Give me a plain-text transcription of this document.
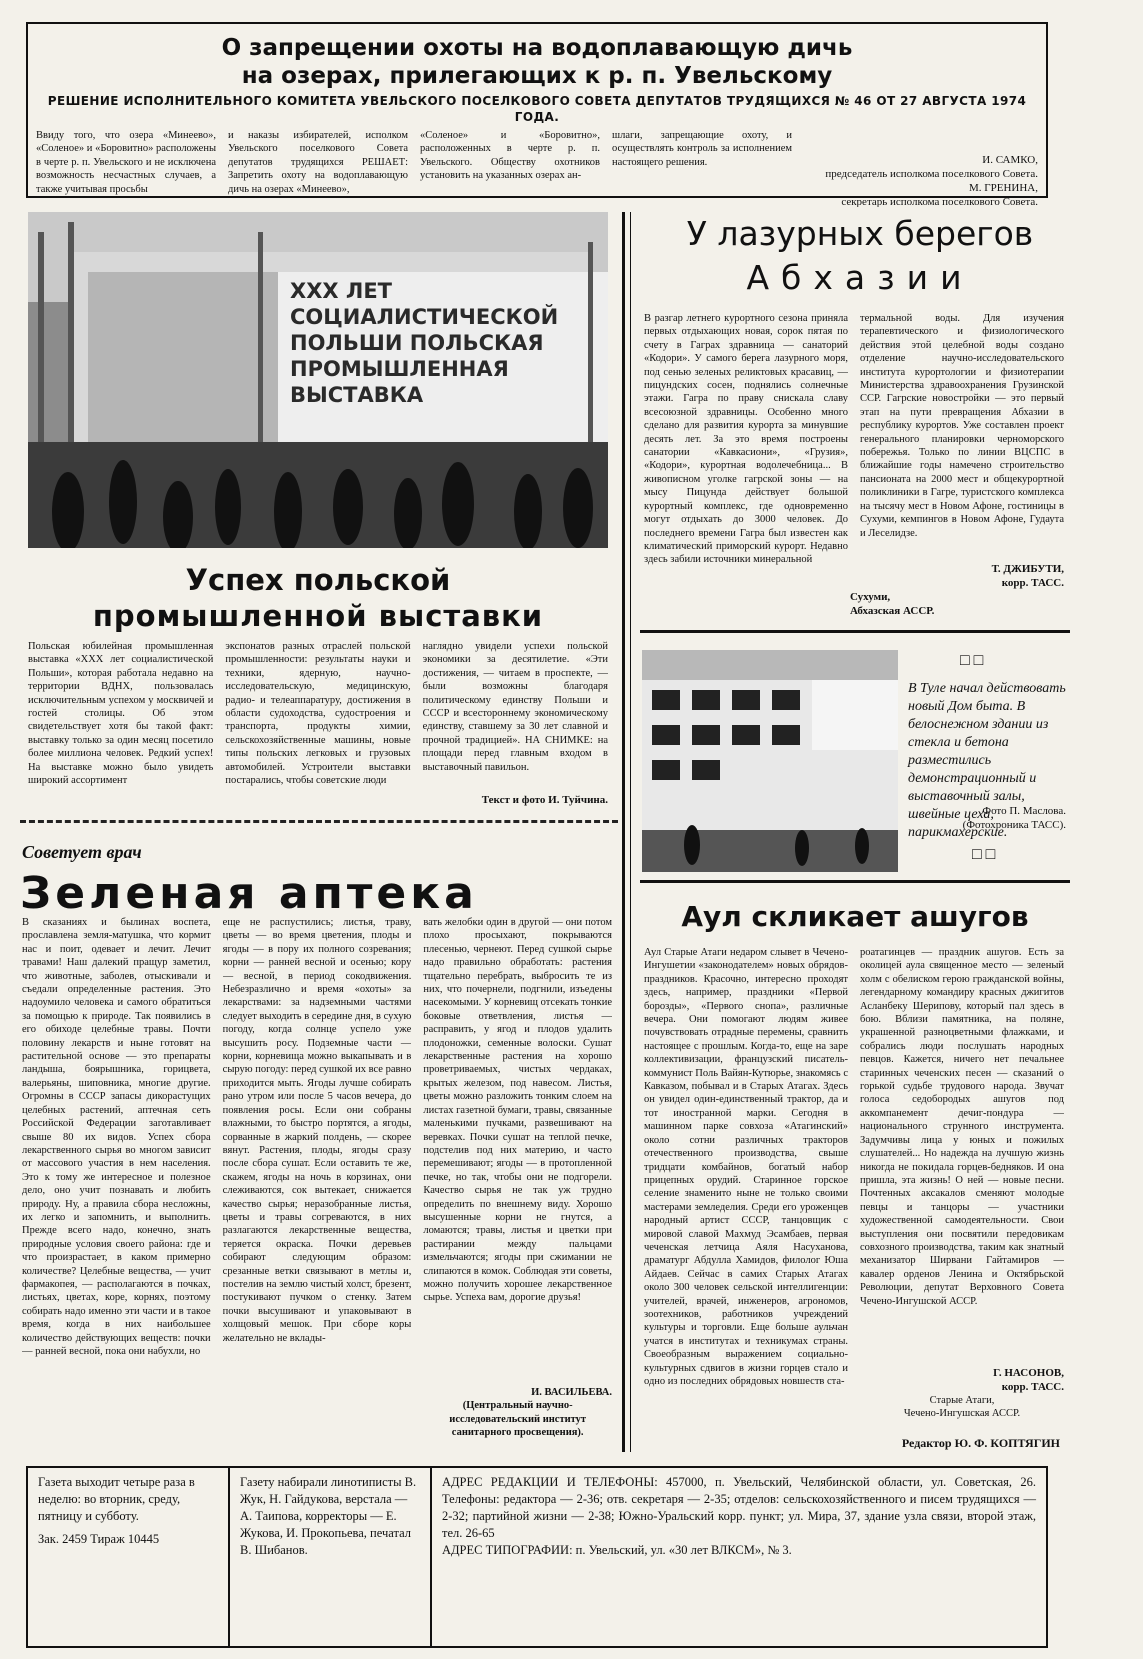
О запрещении охоты на водоплавающую дичь
на озерах, прилегающих к р. п. Увельскому
РЕШЕНИЕ ИСПОЛНИТЕЛЬНОГО КОМИТЕТА УВЕЛЬСКОГО ПОСЕЛКОВОГО СОВЕТА ДЕПУТАТОВ ТРУДЯЩИХСЯ № 46 ОТ 27 АВГУСТА 1974 ГОДА.
Ввиду того, что озера «Минеево», «Соленое» и «Боровитно» расположены в черте р. п. Увельского и не исключена возможность несчастных случаев, а также учитывая просьбы
и наказы избирателей, исполком Увельского поселкового Совета депутатов трудящихся РЕШАЕТ: Запретить охоту на водоплавающую дичь на озерах «Минеево»,
«Соленое» и «Боровитно», расположенных в черте р. п. Увельского. Обществу охотников установить на указанных озерах ан-
шлаги, запрещающие охоту, и осуществлять контроль за исполнением настоящего решения.	И. САМКО,
председатель исполкома поселкового Совета.
М. ГРЕНИНА,
секретарь исполкома поселкового Совета.
XXX ЛЕТ СОЦИАЛИСТИЧЕСКОЙ ПОЛЬШИ ПОЛЬСКАЯ ПРОМЫШЛЕННАЯ ВЫСТАВКА
Успех польской
промышленной выставки
Польская юбилейная промышленная выставка «XXX лет социалистической Польши», которая работала недавно на территории ВДНХ, пользовалась исключительным успехом у москвичей и гостей столицы. Об этом свидетельствует хотя бы такой факт: выставку только за один месяц посетило более миллиона человек. Редкий успех! На выставке можно было увидеть широкий ассортимент
экспонатов разных отраслей польской промышленности: результаты науки и техники, ядерную, научно-исследовательскую, медицинскую, радио- и телеаппаратуру, достижения в области судоходства, судостроения и транспорта, продукты химии, сельскохозяйственные машины, новые типы польских легковых и грузовых автомобилей. Устроители выставки постарались, чтобы советские люди
наглядно увидели успехи польской экономики за десятилетие. «Эти достижения, — читаем в проспекте, — были возможны благодаря политическому единству Польши и СССР и всестороннему экономическому единству, ставшему за 30 лет славной и прочной традицией». НА СНИМКЕ: на площади перед главным входом в выставочный павильон.
Текст и фото И. Туйчина.
Советует врач
Зеленая аптека
В сказаниях и былинах воспета, прославлена земля-матушка, что кормит нас и поит, одевает и лечит. Лечит травами! Наш далекий пращур заметил, что животные, заболев, отыскивали и съедали определенные растения. Это надоумило человека и самого обратиться за помощью к природе. Так появились в его обиходе целебные травы. Почти половину лекарств и ныне готовят на растительной основе — это препараты ландыша, боярышника, горицвета, валерьяны, шиповника, многие другие. Огромны в СССР запасы дикорастущих целебных растений, аптечная сеть Российской Федерации заготавливает свыше 80 их видов. Успех сбора лекарственного сырья во многом зависит от массового участия в нем населения. Это к тому же интересное и полезное дело, оно учит познавать и любить природу. Ну, а правила сбора несложны, их легко и запомнить, и выполнить. Прежде всего надо, конечно, знать природные условия своего района: где и что произрастает, в каком примерно количестве? Целебные вещества, — учит фармакопея, — располагаются в почках, листьях, цветах, коре, корнях, поэтому собирать надо именно эти части и в такое время, когда в них наибольшее количество действующих веществ: почки — ранней весной, пока они набухли, но
еще не распустились; листья, траву, цветы — во время цветения, плоды и ягоды — в пору их полного созревания; корни — ранней весной и осенью; кору — весной, в период сокодвижения. Небезразлично и время «охоты» за лекарствами: за надземными частями следует выходить в середине дня, в сухую погоду, когда солнце успело уже высушить росу. Подземные части — корни, корневища можно выкапывать и в сырую погоду: перед сушкой их все равно приходится мыть. Ягоды лучше собирать рано утром или после 5 часов вечера, до появления росы. Если они собраны влажными, то быстро портятся, а ягоды, сорванные в жаркий полдень, — скорее вянут. Растения, плоды, ягоды сразу после сбора сушат. Если оставить те же, скажем, ягоды на ночь в корзинах, они слеживаются, сок вытекает, снижается качество сырья; неразобранные листья, цветы и травы согреваются, в них разлагаются лекарственные вещества, теряется окраска. Почки деревьев собирают следующим образом: срезанные ветки связывают в метлы и, постелив на землю чистый холст, брезент, постукивают пучком о стенку. Затем почки высушивают и упаковывают в холщовый мешок. При сборе коры желательно не вклады-
вать желобки один в другой — они потом плохо просыхают, покрываются плесенью, чернеют. Перед сушкой сырье надо правильно обработать: растения тщательно перебрать, выбросить те из них, что почернели, подгнили, изъедены насекомыми. У корневищ отсекать тонкие боковые ответвления, листья — расправить, у ягод и плодов удалить плодоножки, семенные волоски. Сушат лекарственные растения на хорошо проветриваемых, чистых чердаках, крытых железом, под навесом. Листья, цветы можно разложить тонким слоем на листах газетной бумаги, травы, связанные маленькими пучками, развешивают на веревках. Почки сушат на теплой печке, подстелив под них материю, и часто перемешивают; ягоды — в протопленной печке, но так, чтобы они не подгорели. Качество сырья не так уж трудно определить по внешнему виду. Хорошо высушенные корни не гнутся, а ломаются; травы, листья и цветки при растирании между пальцами измельчаются; ягоды при сжимании не слипаются в комок. Соблюдая эти советы, можно получить хорошее лекарственное сырье. Успеха вам, дорогие друзья!
И. ВАСИЛЬЕВА.
(Центральный научно-исследовательский институт санитарного просвещения).
У лазурных берегов
Абхазии
В разгар летнего курортного сезона приняла первых отдыхающих новая, сорок пятая по счету в Гаграх здравница — санаторий «Кодори». У самого берега лазурного моря, под сенью зеленых реликтовых красавиц, — пицундских сосен, поднялись солнечные этажи. Гагра по праву снискала славу всесоюзной здравницы. Особенно много сделано для развития курорта за минувшие десять лет. За это время построены санатории «Кавкасиони», «Грузия», «Кодори», курортная водолечебница... В живописном уголке гагрской зоны — на мысу Пицунда действует большой курортный комплекс, где одновременно могут отдыхать до 3000 человек. До последнего времени Гагра был известен как климатический приморский курорт. Недавно здесь забили источники минеральной
термальной воды. Для изучения терапевтического и физиологического действия этой целебной воды создано отделение научно-исследовательского института курортологии и физиотерапии Министерства здравоохранения Грузинской ССР. Гагрские новостройки — это первый этап на пути превращения Абхазии в республику курортов. Уже составлен проект генерального планировки черноморского побережья. Только по линии ВЦСПС в ближайшие годы намечено строительство пансионата на 2000 мест и общекурортной поликлиники в Гагре, туристского комплекса на тысячу мест в Новом Афоне, гостиницы в Сухуми, кемпингов в Новом Афоне, Гудаута и Леселидзе.
Т. ДЖИБУТИ,
корр. ТАСС.
Сухуми,
Абхазская АССР.
□ □
В Туле начал действовать новый Дом быта. В белоснежном здании из стекла и бетона разместились демонстрационный и выставочный залы, швейные цеха, парикмахерские.
Фото П. Маслова.
(Фотохроника ТАСС).
□ □
Аул скликает ашугов
Аул Старые Атаги недаром слывет в Чечено-Ингушетии «законодателем» новых обрядов-праздников. Красочно, интересно проходят здесь, например, праздники «Первой борозды», «Первого снопа», различные вечера. Они помогают людям живее почувствовать отрадные перемены, сравнить настоящее с прошлым. Когда-то, еще на заре коллективизации, французский писатель-коммунист Поль Вайян-Кутюрье, знакомясь с Кавказом, побывал и в Старых Атагах. Здесь он увидел один-единственный трактор, да и тот иностранной марки. Сегодня в машинном парке совхоза «Атагинский» около сотни различных тракторов отечественного производства, свыше тридцати комбайнов, богатый набор прицепных орудий. Старинное горское селение знаменито ныне не только своими мастерами земледелия. Среди его уроженцев народный артист СССР, танцовщик с мировой славой Махмуд Эсамбаев, первая чеченская летчица Аяля Насуханова, драматург Абдулла Хамидов, филолог Юша Айдаев. Сейчас в самих Старых Атагах около 300 человек сельской интеллигенции: учителей, врачей, инженеров, агрономов, зоотехников, работников учреждений культуры и торговли. Еще больше аульчан учатся в институтах и техникумах страны. Своеобразным выражением социально-культурных сдвигов в жизни горцев стало и одно из последних обрядовых новшеств ста-
роатагинцев — праздник ашугов. Есть за околицей аула священное место — зеленый холм с обелиском герою гражданской войны, легендарному командиру красных джигитов Асланбеку Шерипову, который пал здесь в бою. Вблизи памятника, на поляне, украшенной разноцветными флажками, и собрались люди послушать народных певцов. Кажется, ничего нет печальнее старинных чеченских песен — сказаний о горькой судьбе трудового народа. Звучат голоса седобородых ашугов под аккомпанемент дечиг-пондура — национального струнного инструмента. Задумчивы лица у юных и пожилых слушателей... Но надежда на лучшую жизнь никогда не покидала горцев-бедняков. И она пришла, эта жизнь! О ней — новые песни. Почтенных аксакалов сменяют молодые певцы и танцоры — участники художественной самодеятельности. Свои выступления они посвятили передовикам совхозного производства, таким как знатный механизатор Ширвани Гайтамиров — кавалер орденов Ленина и Октябрьской Революции, депутат Верховного Совета Чечено-Ингушской АССР.
Г. НАСОНОВ,
корр. ТАСС.
Старые Атаги,
Чечено-Ингушская АССР.
Редактор Ю. Ф. КОПТЯГИН
Газета выходит четыре раза в неделю: во вторник, среду, пятницу и субботу.
Зак. 2459 Тираж 10445
Газету набирали линотиписты В. Жук, Н. Гайдукова, верстала — А. Таипова, корректоры — Е. Жукова, И. Прокопьева, печатал В. Шибанов.
АДРЕС РЕДАКЦИИ И ТЕЛЕФОНЫ: 457000, п. Увельский, Челябинской области, ул. Советская, 26. Телефоны: редактора — 2-36; отв. секретаря — 2-35; отделов: сельскохозяйственного и писем трудящихся — 2-32; партийной жизни — 2-38; Южно-Уральский корр. пункт; ул. Мира, 37, здание узла связи, второй этаж, тел. 26-65
АДРЕС ТИПОГРАФИИ: п. Увельский, ул. «30 лет ВЛКСМ», № 3.
